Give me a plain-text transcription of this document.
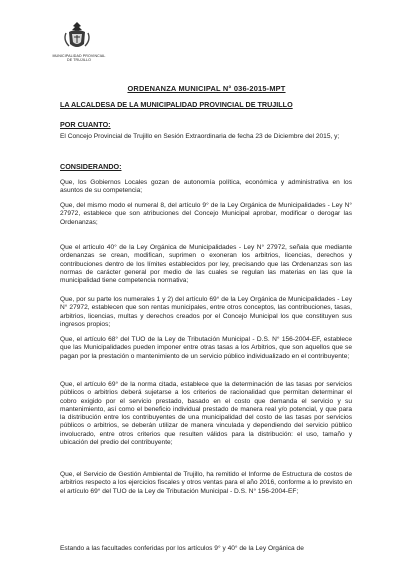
MUNICIPALIDAD PROVINCIAL
DE TRUJILLO
ORDENANZA MUNICIPAL N° 036-2015-MPT
LA ALCALDESA DE LA MUNICIPALIDAD PROVINCIAL DE TRUJILLO
POR CUANTO:
El Concejo Provincial de Trujillo en Sesión Extraordinaria de fecha 23 de Diciembre del 2015, y;
CONSIDERANDO:
Que, los Gobiernos Locales gozan de autonomía política, económica y administrativa en los asuntos de su competencia;
Que, del mismo modo el numeral 8, del artículo 9° de la Ley Orgánica de Municipalidades - Ley N° 27972, establece que son atribuciones del Concejo Municipal aprobar, modificar o derogar las Ordenanzas;
Que el artículo 40° de la Ley Orgánica de Municipalidades - Ley N° 27972, señala que mediante ordenanzas se crean, modifican, suprimen o exoneran los arbitrios, licencias, derechos y contribuciones dentro de los límites establecidos por ley, precisando que las Ordenanzas son las normas de carácter general por medio de las cuales se regulan las materias en las que la municipalidad tiene competencia normativa;
Que, por su parte los numerales 1 y 2) del artículo 69° de la Ley Orgánica de Municipalidades - Ley N° 27972, establecen que son rentas municipales, entre otros conceptos, las contribuciones, tasas, arbitrios, licencias, multas y derechos creados por el Concejo Municipal los que constituyen sus ingresos propios;
Que, el artículo 68° del TUO de la Ley de Tributación Municipal - D.S. N° 156-2004-EF, establece que las Municipalidades pueden imponer entre otras tasas a los Arbitrios, que son aquellos que se pagan por la prestación o mantenimiento de un servicio público individualizado en el contribuyente;
Que, el artículo 69° de la norma citada, establece que la determinación de las tasas por servicios públicos o arbitrios deberá sujetarse a los criterios de racionalidad que permitan determinar el cobro exigido por el servicio prestado, basado en el costo que demanda el servicio y su mantenimiento, así como el beneficio individual prestado de manera real y/o potencial, y que para la distribución entre los contribuyentes de una municipalidad del costo de las tasas por servicios públicos o arbitrios, se deberán utilizar de manera vinculada y dependiendo del servicio público involucrado, entre otros criterios que resulten válidos para la distribución: el uso, tamaño y ubicación del predio del contribuyente;
Que, el Servicio de Gestión Ambiental de Trujillo, ha remitido el Informe de Estructura de costos de arbitrios respecto a los ejercicios fiscales y otros ventas para el año 2016, conforme a lo previsto en el artículo 69° del TUO de la Ley de Tributación Municipal - D.S. N° 156-2004-EF;
Estando a las facultades conferidas por los artículos 9° y 40° de la Ley Orgánica de
